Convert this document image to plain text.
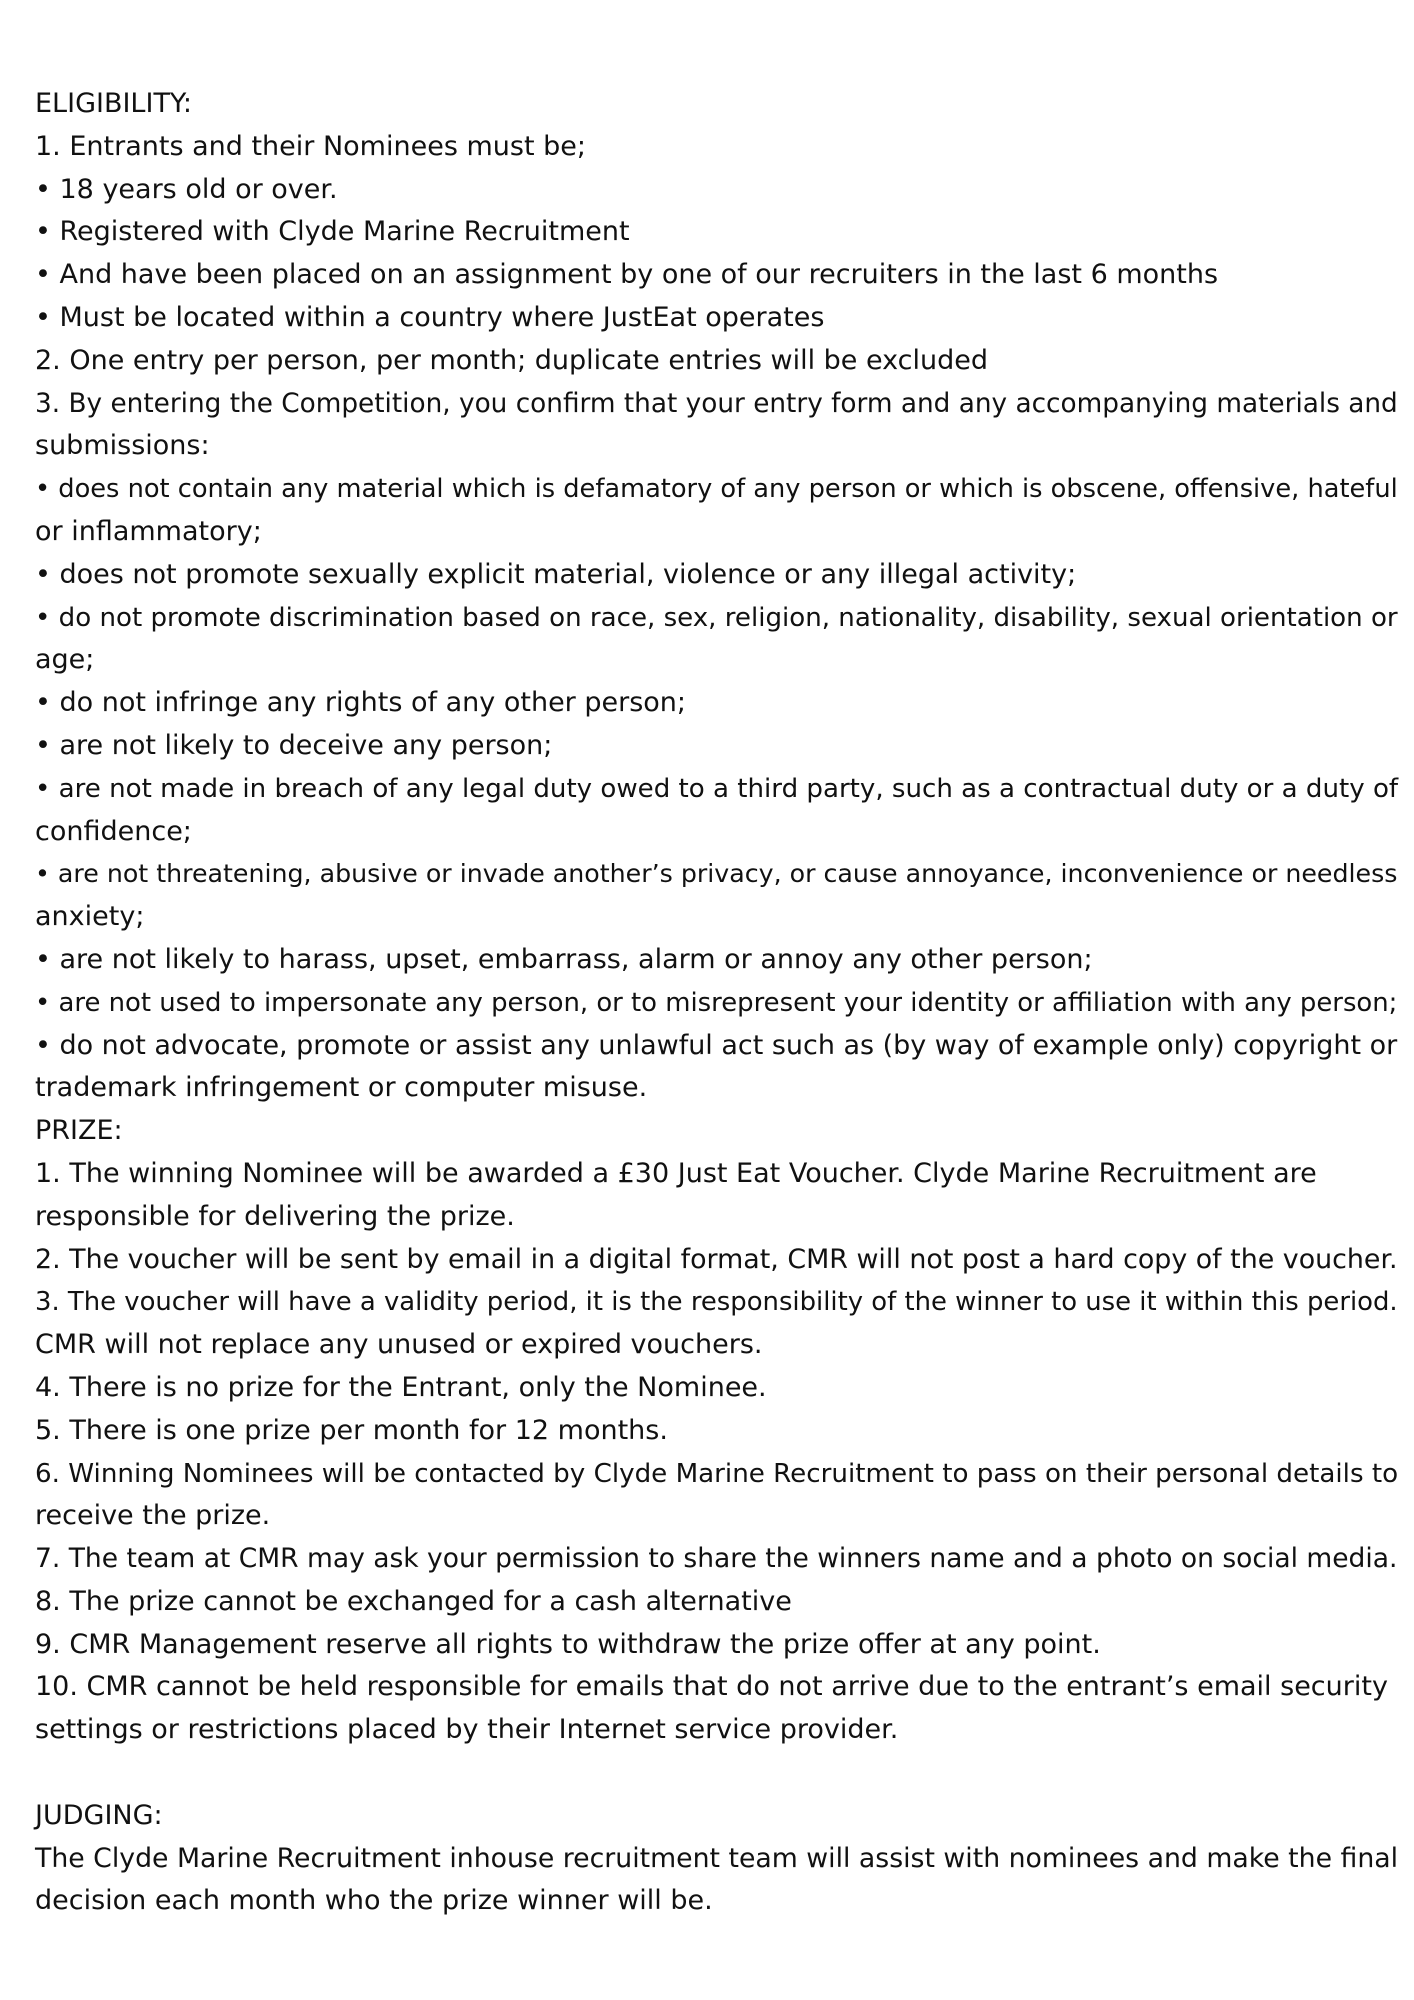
ELIGIBILITY:
1. Entrants and their Nominees must be;
• 18 years old or over.
• Registered with Clyde Marine Recruitment
• And have been placed on an assignment by one of our recruiters in the last 6 months
• Must be located within a country where JustEat operates
2. One entry per person, per month; duplicate entries will be excluded
3. By entering the Competition, you confirm that your entry form and any accompanying materials and
submissions:
• does not contain any material which is defamatory of any person or which is obscene, offensive, hateful
or inflammatory;
• does not promote sexually explicit material, violence or any illegal activity;
• do not promote discrimination based on race, sex, religion, nationality, disability, sexual orientation or
age;
• do not infringe any rights of any other person;
• are not likely to deceive any person;
• are not made in breach of any legal duty owed to a third party, such as a contractual duty or a duty of
confidence;
• are not threatening, abusive or invade another’s privacy, or cause annoyance, inconvenience or needless
anxiety;
• are not likely to harass, upset, embarrass, alarm or annoy any other person;
• are not used to impersonate any person, or to misrepresent your identity or affiliation with any person;
• do not advocate, promote or assist any unlawful act such as (by way of example only) copyright or
trademark infringement or computer misuse.
PRIZE:
1. The winning Nominee will be awarded a £30 Just Eat Voucher. Clyde Marine Recruitment are
responsible for delivering the prize.
2. The voucher will be sent by email in a digital format, CMR will not post a hard copy of the voucher.
3. The voucher will have a validity period, it is the responsibility of the winner to use it within this period.
CMR will not replace any unused or expired vouchers.
4. There is no prize for the Entrant, only the Nominee.
5. There is one prize per month for 12 months.
6. Winning Nominees will be contacted by Clyde Marine Recruitment to pass on their personal details to
receive the prize.
7. The team at CMR may ask your permission to share the winners name and a photo on social media.
8. The prize cannot be exchanged for a cash alternative
9. CMR Management reserve all rights to withdraw the prize offer at any point.
10. CMR cannot be held responsible for emails that do not arrive due to the entrant’s email security
settings or restrictions placed by their Internet service provider.
JUDGING:
The Clyde Marine Recruitment inhouse recruitment team will assist with nominees and make the final
decision each month who the prize winner will be.
